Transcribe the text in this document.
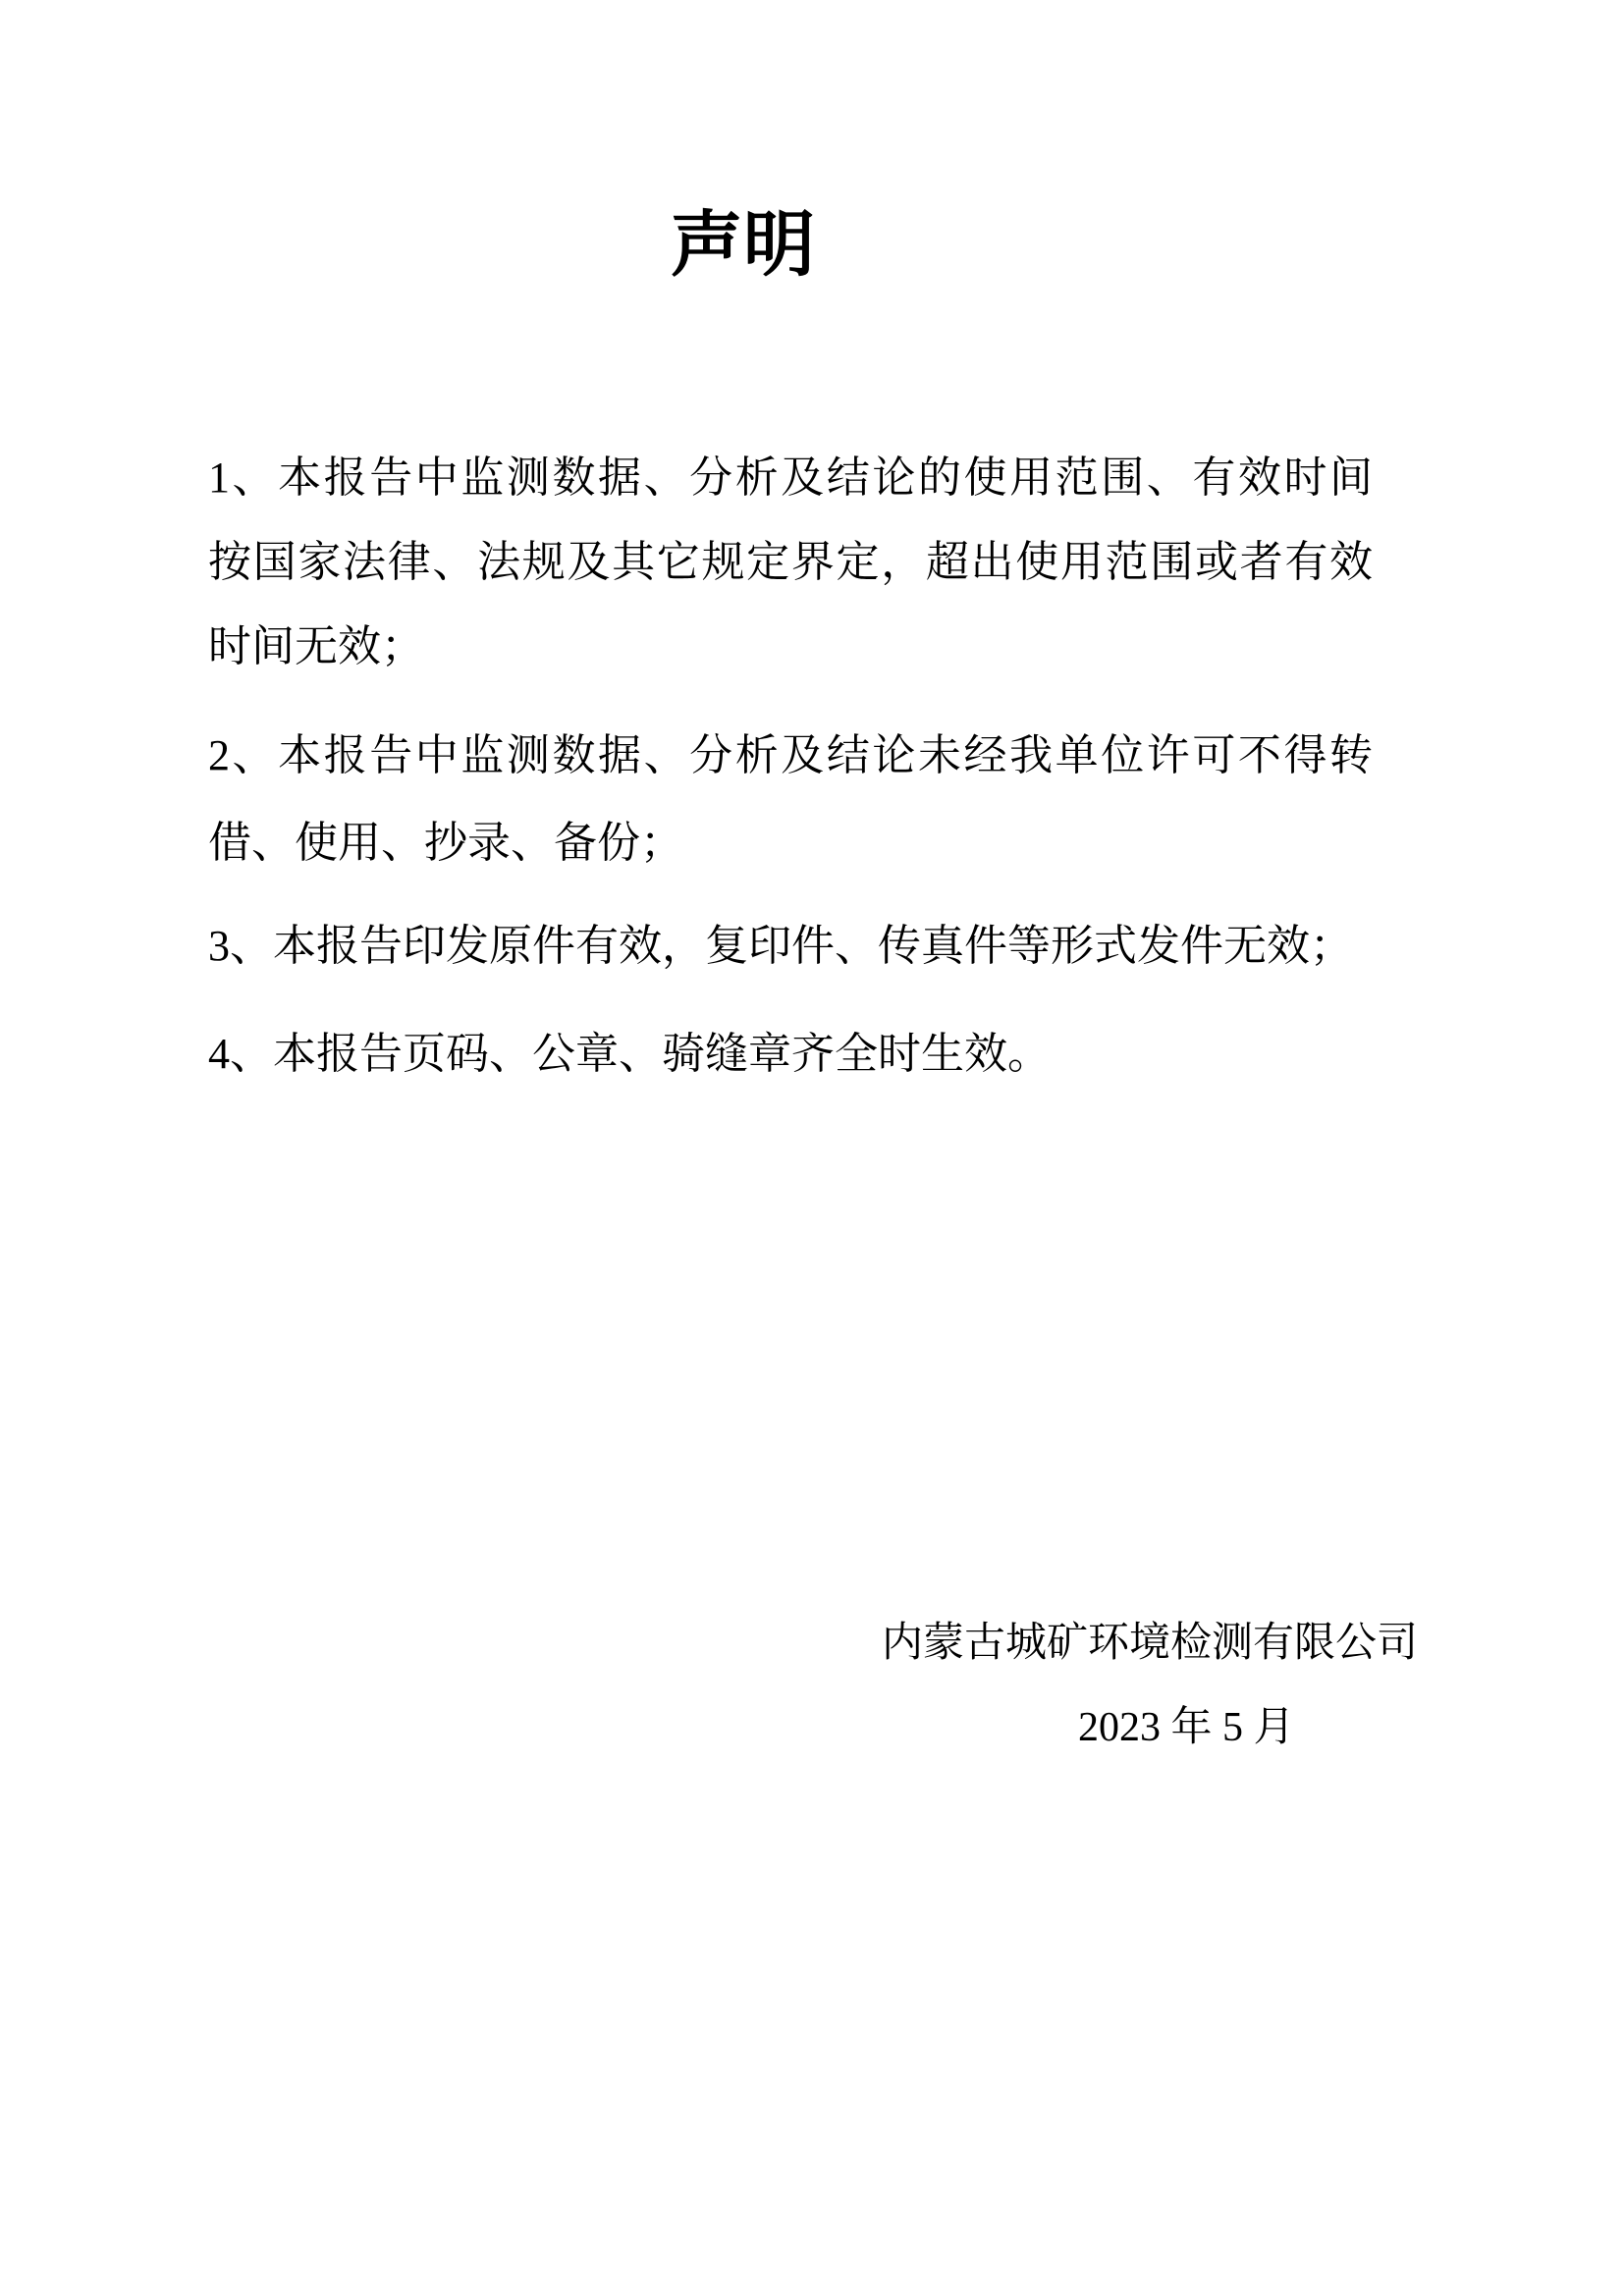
声明
1、本报告中监测数据、分析及结论的使用范围、有效时间
按国家法律、法规及其它规定界定，超出使用范围或者有效
时间无效；
2、本报告中监测数据、分析及结论未经我单位许可不得转
借、使用、抄录、备份；
3、本报告印发原件有效，复印件、传真件等形式发件无效；
4、本报告页码、公章、骑缝章齐全时生效。
内蒙古城矿环境检测有限公司
2023 年 5 月
